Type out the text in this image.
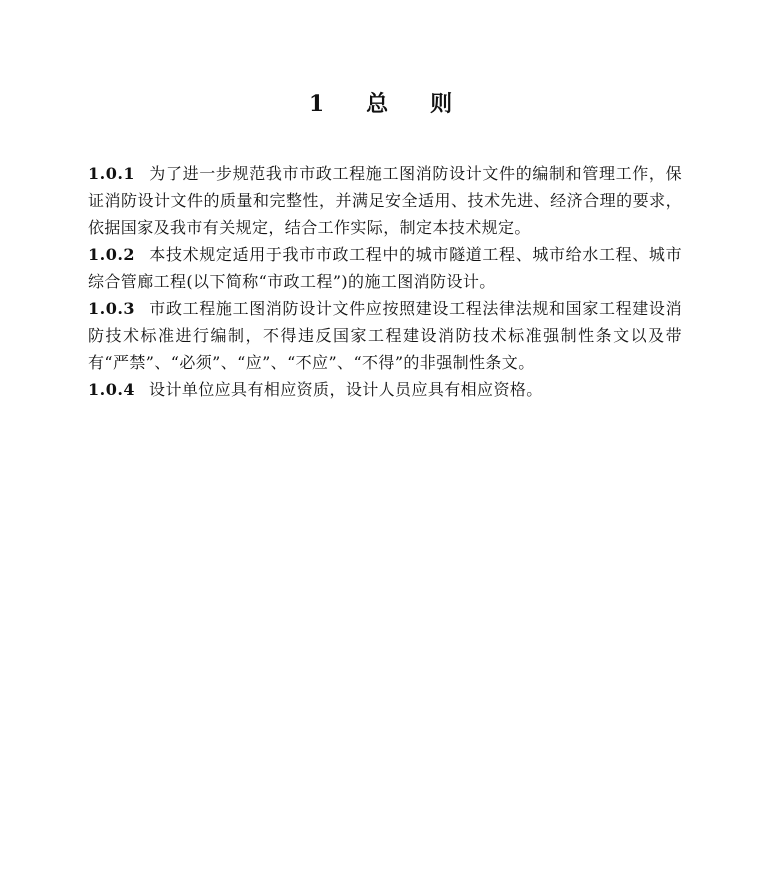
1　总　则

1.0.1 为了进一步规范我市市政工程施工图消防设计文件的编制和管理工作，保证消防设计文件的质量和完整性，并满足安全适用、技术先进、经济合理的要求，依据国家及我市有关规定，结合工作实际，制定本技术规定。

1.0.2 本技术规定适用于我市市政工程中的城市隧道工程、城市给水工程、城市综合管廊工程(以下简称“市政工程”)的施工图消防设计。

1.0.3 市政工程施工图消防设计文件应按照建设工程法律法规和国家工程建设消防技术标准进行编制，不得违反国家工程建设消防技术标准强制性条文以及带有“严禁”、“必须”、“应”、“不应”、“不得”的非强制性条文。

1.0.4 设计单位应具有相应资质，设计人员应具有相应资格。
